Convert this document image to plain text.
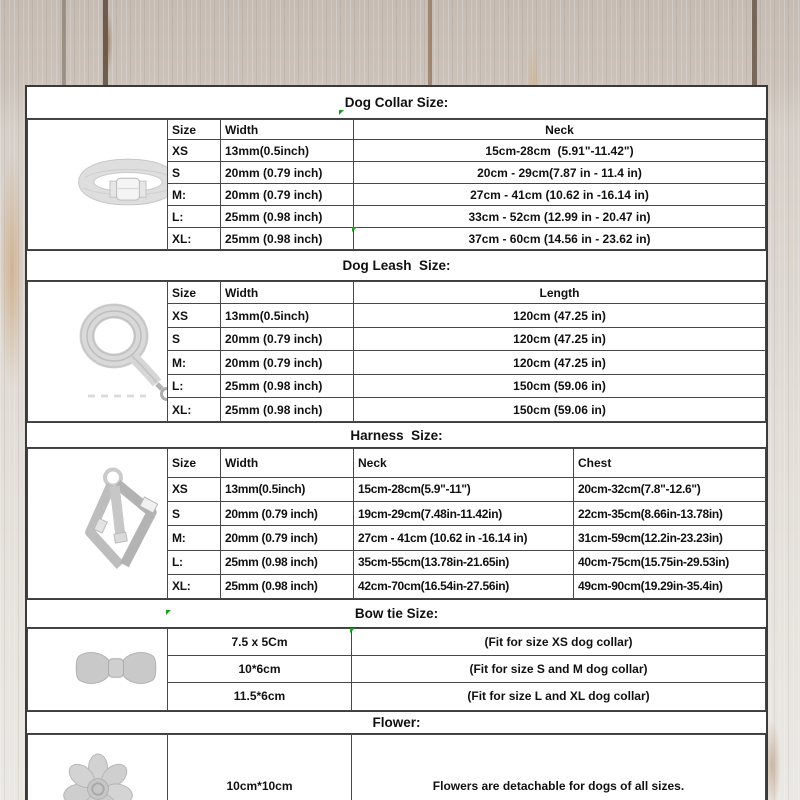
Dog Collar Size:

	Size	Width	Neck
	XS	13mm(0.5inch)	15cm-28cm  (5.91"-11.42")
	S	20mm (0.79 inch)	20cm - 29cm(7.87 in - 11.4 in)
	M:	20mm (0.79 inch)	27cm - 41cm (10.62 in -16.14 in)
	L:	25mm (0.98 inch)	33cm - 52cm (12.99 in - 20.47 in)
	XL:	25mm (0.98 inch)	37cm - 60cm (14.56 in - 23.62 in)
Dog Leash  Size:

	Size	Width	Length
	XS	13mm(0.5inch)	120cm (47.25 in)
	S	20mm (0.79 inch)	120cm (47.25 in)
	M:	20mm (0.79 inch)	120cm (47.25 in)
	L:	25mm (0.98 inch)	150cm (59.06 in)
	XL:	25mm (0.98 inch)	150cm (59.06 in)
Harness  Size:

	Size	Width	Neck	Chest
	XS	13mm(0.5inch)	15cm-28cm(5.9"-11")	20cm-32cm(7.8"-12.6")
	S	20mm (0.79 inch)	19cm-29cm(7.48in-11.42in)	22cm-35cm(8.66in-13.78in)
	M:	20mm (0.79 inch)	27cm - 41cm (10.62 in -16.14 in)	31cm-59cm(12.2in-23.23in)
	L:	25mm (0.98 inch)	35cm-55cm(13.78in-21.65in)	40cm-75cm(15.75in-29.53in)
	XL:	25mm (0.98 inch)	42cm-70cm(16.54in-27.56in)	49cm-90cm(19.29in-35.4in)
Bow tie Size:

	7.5 x 5Cm	(Fit for size XS dog collar)
	10*6cm	(Fit for size S and M dog collar)
	11.5*6cm	(Fit for size L and XL dog collar)
Flower:

	10cm*10cm	Flowers are detachable for dogs of all sizes.
